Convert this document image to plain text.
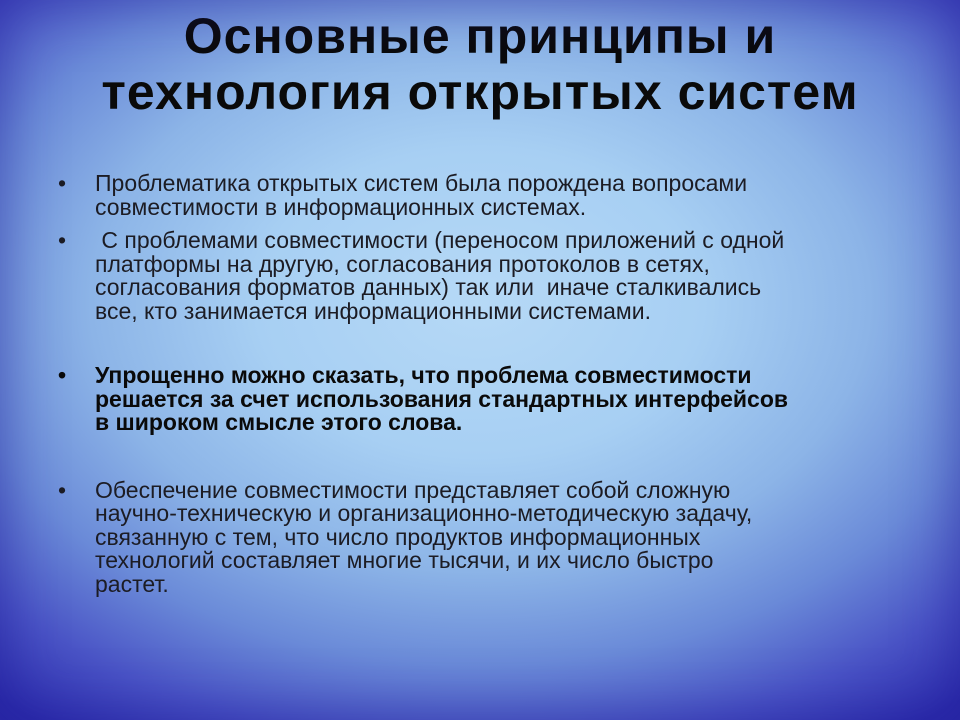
Основные принципы и
технология открытых систем
• Проблематика открытых систем была порождена вопросами
совместимости в информационных системах.
• С проблемами совместимости (переносом приложений с одной
платформы на другую, согласования протоколов в сетях,
согласования форматов данных) так или  иначе сталкивались
все, кто занимается информационными системами.
• Упрощенно можно сказать, что проблема совместимости
решается за счет использования стандартных интерфейсов
в широком смысле этого слова.
• Обеспечение совместимости представляет собой сложную
научно-техническую и организационно-методическую задачу,
связанную с тем, что число продуктов информационных
технологий составляет многие тысячи, и их число быстро
растет.
